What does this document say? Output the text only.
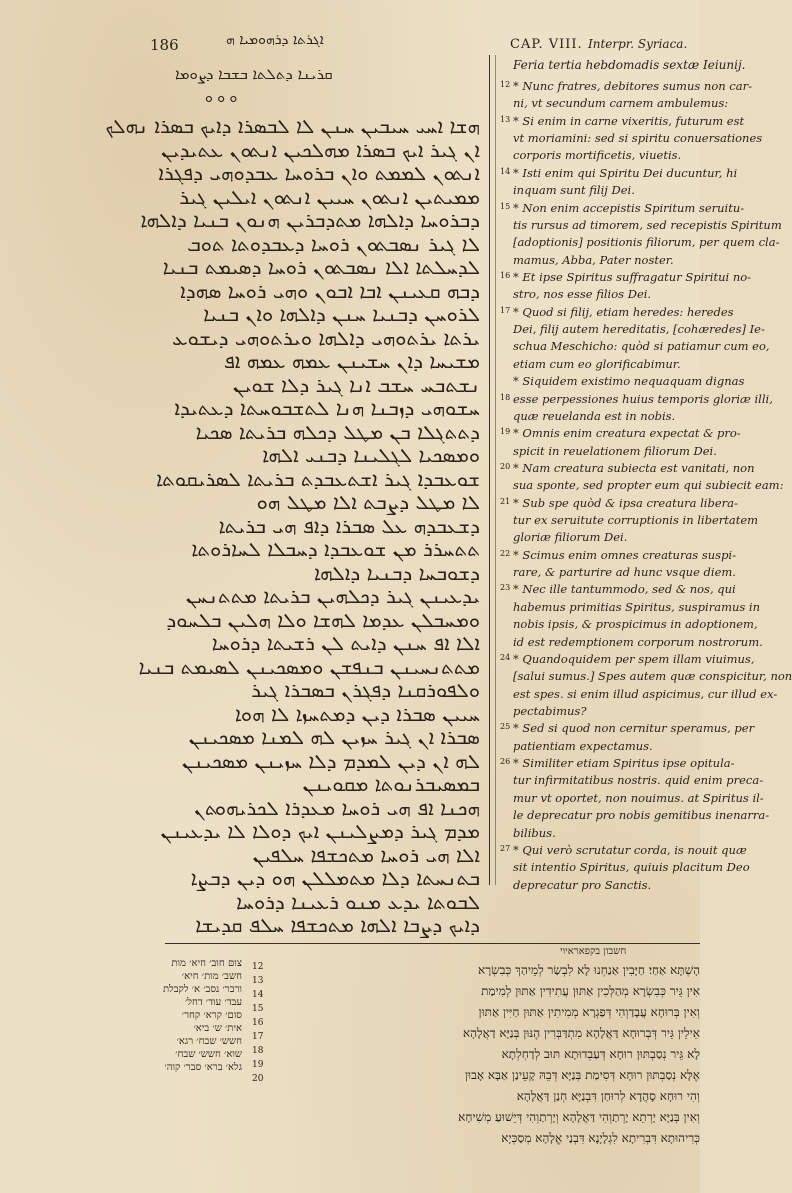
186	ܐܓܪܬܐ ܕܪܗܘܡܝܐ ܗ	CAP. VIII. Interpr. Syriaca.
ܩܪܝܢܐ ܕܬܠܬܐ ܒܫܒܐ ܕܨܘܡܐ
ܘ ܘ ܘ
ܗܫܐ ܐܚܝ ܚܝܒܝܢ ܚܢܢ ܠܐ ܠܒܣܪܐ ܕܐܝܟ ܒܣܪܐ ܢܗܠܟ
ܐܢ ܓܝܪ ܐܝܟ ܒܣܪܐ ܡܗܠܟܝܢ ܐܢܬܘܢ ܥܬܝܕܝܢ
ܐܢܬܘܢ ܠܡܡܬ ܘܐܢ ܒܪܘܚܐ ܥܒܕܘܗܝ ܕܦܓܪܐ
ܡܡܝܬܝܢ ܐܢܬܘܢ ܚܝܝܢ ܐܢܬܘܢ ܐܝܠܝܢ ܓܝܪ
ܕܒܪܘܚܐ ܕܐܠܗܐ ܡܬܕܒܪܝܢ ܗܢܘܢ ܒܢܝܐ ܕܐܠܗܐ
ܠܐ ܓܝܪ ܢܣܒܬܘܢ ܪܘܚܐ ܕܥܒܕܘܬܐ ܬܘܒ
ܠܕܚܠܬܐ ܐܠܐ ܢܣܒܬܘܢ ܪܘܚܐ ܕܣܝܡܬ ܒܢܝܐ
ܕܒܗ ܩܥܝܢܢ ܐܒܐ ܐܒܘܢ ܘܗܝ ܪܘܚܐ ܣܗܕܐ
ܠܪܘܚܢ ܕܒܢܝܐ ܚܢܢ ܕܐܠܗܐ ܘܐܢ ܒܢܝܐ
ܝܪܬܐ ܝܪܬܘܗܝ ܕܐܠܗܐ ܘܝܪܬܘܗܝ ܕܝܫܘܥ
ܡܫܝܚܐ ܕܐܢ ܚܫܝܢܢ ܥܡܗ ܥܡܗ ܐܦ
ܢܫܬܒܚ ܚܫܒ ܐܢܐ ܓܝܪ ܕܠܐ ܫܘܝܢ
ܚܫܘܗܝ ܕܙܒܢܐ ܗܢܐ ܠܬܫܒܘܚܬܐ ܕܥܬܝܕܐ
ܕܬܬܓܠܐ ܒܢ ܡܛܠ ܕܟܠܗ ܒܪܝܬܐ ܣܟܝܐ
ܘܡܣܟܝܐ ܠܓܠܝܢܐ ܕܒܢܝ ܐܠܗܐ
ܫܘܥܒܕܐ ܓܝܪ ܐܫܬܥܒܕܬ ܒܪܝܬܐ ܠܣܪܝܩܘܬܐ
ܠܐ ܡܛܠ ܕܨܒܬ ܐܠܐ ܡܛܠ ܗܘ
ܕܫܥܒܕܗ ܥܠ ܣܒܪܐ ܕܐܦ ܗܝ ܒܪܝܬܐ
ܬܬܚܪܪ ܡܢ ܫܘܥܒܕܐ ܕܚܒܠܐ ܠܚܐܪܘܬܐ
ܕܫܘܒܚܐ ܕܒܢܝܐ ܕܐܠܗܐ
ܝܕܥܝܢܢ ܓܝܪ ܕܟܠܗܝܢ ܒܪܝܬܐ ܡܬܬܢܚܢ
ܘܡܚܒܠܢ ܥܕܡܐ ܠܗܫܐ ܘܠܐ ܗܠܝܢ ܒܠܚܘܕ
ܐܠܐ ܐܦ ܚܢܢ ܕܐܝܬ ܠܢ ܪܫܝܬܐ ܕܪܘܚܐ
ܡܬܬܢܚܝܢܢ ܒܢܦܫܢ ܘܡܣܟܝܢܢ ܠܣܝܡܬ ܒܢܝܐ
ܘܠܦܘܪܩܢܐ ܕܦܓܪܢ ܒܣܒܪܐ ܓܝܪ
ܚܝܝܢ ܣܒܪܐ ܕܝܢ ܕܡܬܚܙܐ ܠܐ ܗܘܐ
ܣܒܪܐ ܐܢ ܓܝܪ ܚܙܝܢ ܠܗ ܠܡܢܐ ܡܣܟܝܢܢ
ܠܗ ܐܢ ܕܝܢ ܠܡܕܡ ܕܠܐ ܚܙܝܢܢ ܡܣܟܝܢܢ
ܒܡܣܝܒܪܢܘܬܐ ܡܩܘܝܢܢ
ܗܟܢܐ ܐܦ ܗܝ ܪܘܚܐ ܡܥܕܪܐ ܠܟܪܝܗܘܬܢ
ܡܕܡ ܓܝܪ ܕܡܨܠܝܢܢ ܐܝܟ ܕܘܠܐ ܠܐ ܝܕܥܝܢܢ
ܐܠܐ ܗܝ ܪܘܚܐ ܡܬܟܫܦܐ ܚܠܦܝܢ
ܒܬܢܚܬܐ ܕܠܐ ܡܬܡܠܠܢ ܗܘ ܕܝܢ ܕܒܨܐ
ܠܒܘܬܐ ܝܕܥ ܡܢܘ ܪܥܝܢܐ ܕܪܘܚܐ
ܕܐܝܟ ܕܨܒܐ ܐܠܗܐ ܡܬܟܫܦܐ ܚܠܦ ܩܕܝܫܐ
Feria tertia hebdomadis sextæ Ieiunij.
* Nunc fratres, debitores sumus non car-
12
ni, vt secundum carnem ambulemus:
* Si enim in carne vixeritis, futurum est
13
vt moriamini: sed si spiritu conuersationes
corporis mortificetis, viuetis.
* Isti enim qui Spiritu Dei ducuntur, hi
14
inquam sunt filij Dei.
* Non enim accepistis Spiritum seruitu-
15
tis rursus ad timorem, sed recepistis Spiritum
[adoptionis] positionis filiorum, per quem cla-
mamus, Abba, Pater noster.
* Et ipse Spiritus suffragatur Spiritui no-
16
stro, nos esse filios Dei.
* Quod si filij, etiam heredes: heredes
17
Dei, filij autem hereditatis, [cohæredes] Ie-
schua Meschicho: quòd si patiamur cum eo,
etiam cum eo glorificabimur.
* Siquidem existimo nequaquam dignas
esse perpessiones huius temporis gloriæ illi,
18
quæ reuelanda est in nobis.
* Omnis enim creatura expectat & pro-
19
spicit in reuelationem filiorum Dei.
* Nam creatura subiecta est vanitati, non
20
sua sponte, sed propter eum qui subiecit eam:
* Sub spe quòd & ipsa creatura libera-
21
tur ex seruitute corruptionis in libertatem
gloriæ filiorum Dei.
* Scimus enim omnes creaturas suspi-
22
rare, & parturire ad hunc vsque diem.
* Nec ille tantummodo, sed & nos, qui
23
habemus primitias Spiritus, suspiramus in
nobis ipsis, & prospicimus in adoptionem,
id est redemptionem corporum nostrorum.
* Quandoquidem per spem illam viuimus,
24
[salui sumus.] Spes autem quæ conspicitur, non
est spes. si enim illud aspicimus, cur illud ex-
pectabimus?
* Sed si quod non cernitur speramus, per
25
patientiam expectamus.
* Similiter etiam Spiritus ipse opitula-
26
tur infirmitatibus nostris. quid enim preca-
mur vt oportet, non nouimus. at Spiritus il-
le deprecatur pro nobis gemitibus inenarra-
bilibus.
* Qui verò scrutatur corda, is nouit quæ
27
sit intentio Spiritus, quiuis placitum Deo
deprecatur pro Sanctis.
חשבון בקפאראיוי
הָשְׁתָּא אַחַי׃ חַיָּבִין אַנַחְנוּ לָא לִבְשַׂר לְמֵיהַךְ כְּבִשְׂרָא
אִין גֵּיר כְּבִשְׂרָא מְהַלְּכִין אַתּוּן עֲתִידִין אַתּוּן לְמִימַת
וְאִין בְּרוּחָא עֲבָדַוְהִי דְּפַגְרָא מְמִיתִין אַתּוּן חַיִּין אַתּוּן
אֵילֵין גֵּיר דְּבְרוּחָא דַּאֲלָהָא מִתְדַּבְּרִין הֶנּוּן בְּנַיָּא דַאֲלָהָא
לָא גֵּיר נְסַבְתּוּן רוּחָא דְּעַבְדוּתָא תּוּב לְדַחְלְתָא
אֶלָּא נְסַבְתּוּן רוּחָא דְּסִימַת בְּנַיָּא דְּבֵהּ קָעֵינַן אַבָּא אָבוּן
וְהִי רוּחָא סָהֲדָא לְרוּחַן דִּבְנַיָּא חְנַן דַּאֲלָהָא
וְאִין בְּנַיָּא יָרְתֵא יָרְתַוְהִי דַּאֲלָהָא וְיָרְתַוְהִי דְּיֵשׁוּעַ מְשִׁיחָא
כְּרִיהוּתָא דִּבְרִיתָא לִגְלָיָנָא דִּבְנַי אֱלָהָא מְסַכְּיָא
צוםּ חוב׳ חיא׳ מות
חשב׳ מות׳ חיא׳
ורבר׳ נסב׳ א׳ לקבלת
עבד׳ עוד׳ דחל׳
סום׳ קרא׳ קחר׳
אית׳ ש׳ ביא׳
חשש׳ שבח׳ רגא׳
שוא׳ חשש׳ שבח׳
גלא׳ ברא׳ סבר׳ קוה׳
12
13
14
15
16
17
18
19
20
